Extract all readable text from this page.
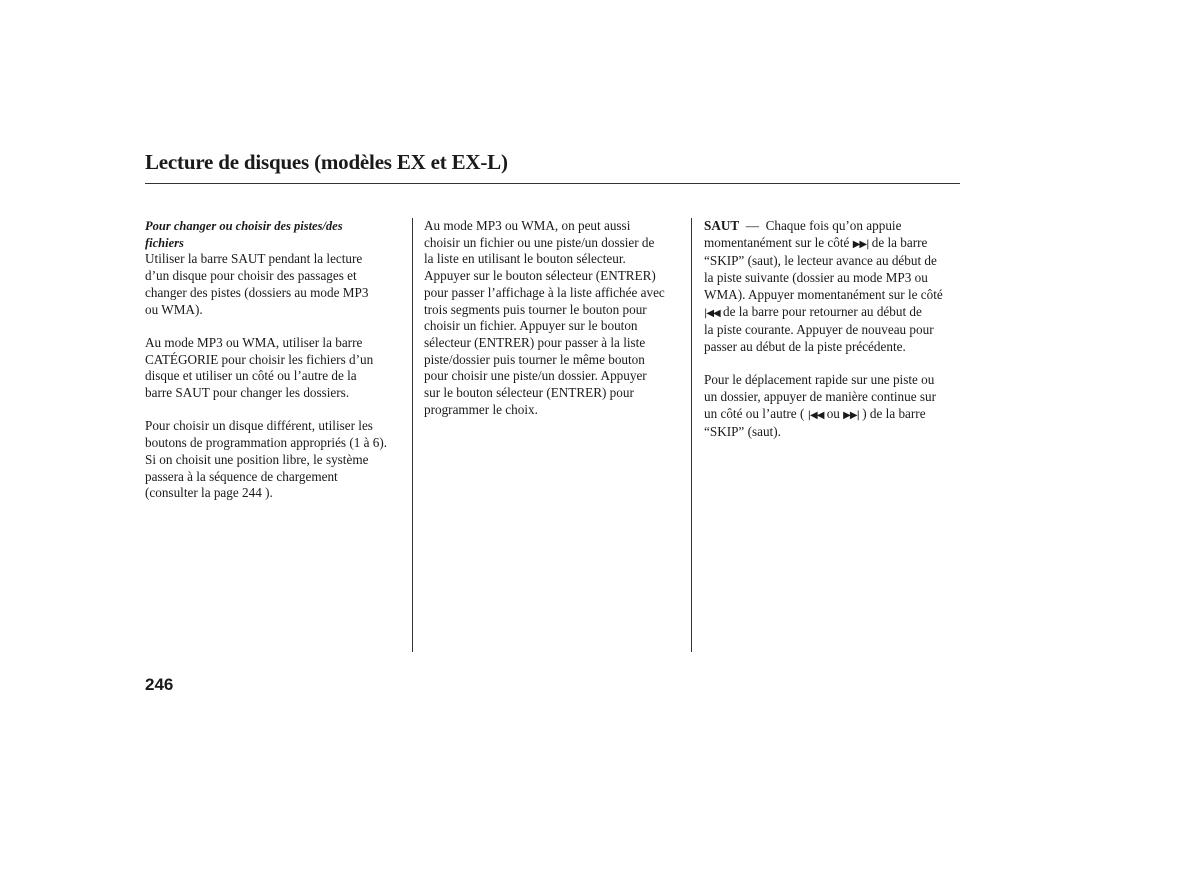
Lecture de disques (modèles EX et EX-L)

Pour changer ou choisir des pistes/des
fichiers

Utiliser la barre SAUT pendant la lecture
d’un disque pour choisir des passages et
changer des pistes (dossiers au mode MP3
ou WMA).

Au mode MP3 ou WMA, utiliser la barre
CATÉGORIE pour choisir les fichiers d’un
disque et utiliser un côté ou l’autre de la
barre SAUT pour changer les dossiers.

Pour choisir un disque différent, utiliser les
boutons de programmation appropriés (1 à 6).
Si on choisit une position libre, le système
passera à la séquence de chargement
(consulter la page 244 ).

Au mode MP3 ou WMA, on peut aussi
choisir un fichier ou une piste/un dossier de
la liste en utilisant le bouton sélecteur.
Appuyer sur le bouton sélecteur (ENTRER)
pour passer l’affichage à la liste affichée avec
trois segments puis tourner le bouton pour
choisir un fichier. Appuyer sur le bouton
sélecteur (ENTRER) pour passer à la liste
piste/dossier puis tourner le même bouton
pour choisir une piste/un dossier. Appuyer
sur le bouton sélecteur (ENTRER) pour
programmer le choix.

SAUT — Chaque fois qu’on appuie
momentanément sur le côté ▶▶| de la barre
“SKIP” (saut), le lecteur avance au début de
la piste suivante (dossier au mode MP3 ou
WMA). Appuyer momentanément sur le côté
|◀◀ de la barre pour retourner au début de
la piste courante. Appuyer de nouveau pour
passer au début de la piste précédente.

Pour le déplacement rapide sur une piste ou
un dossier, appuyer de manière continue sur
un côté ou l’autre ( |◀◀ ou ▶▶| ) de la barre
“SKIP” (saut).

246
